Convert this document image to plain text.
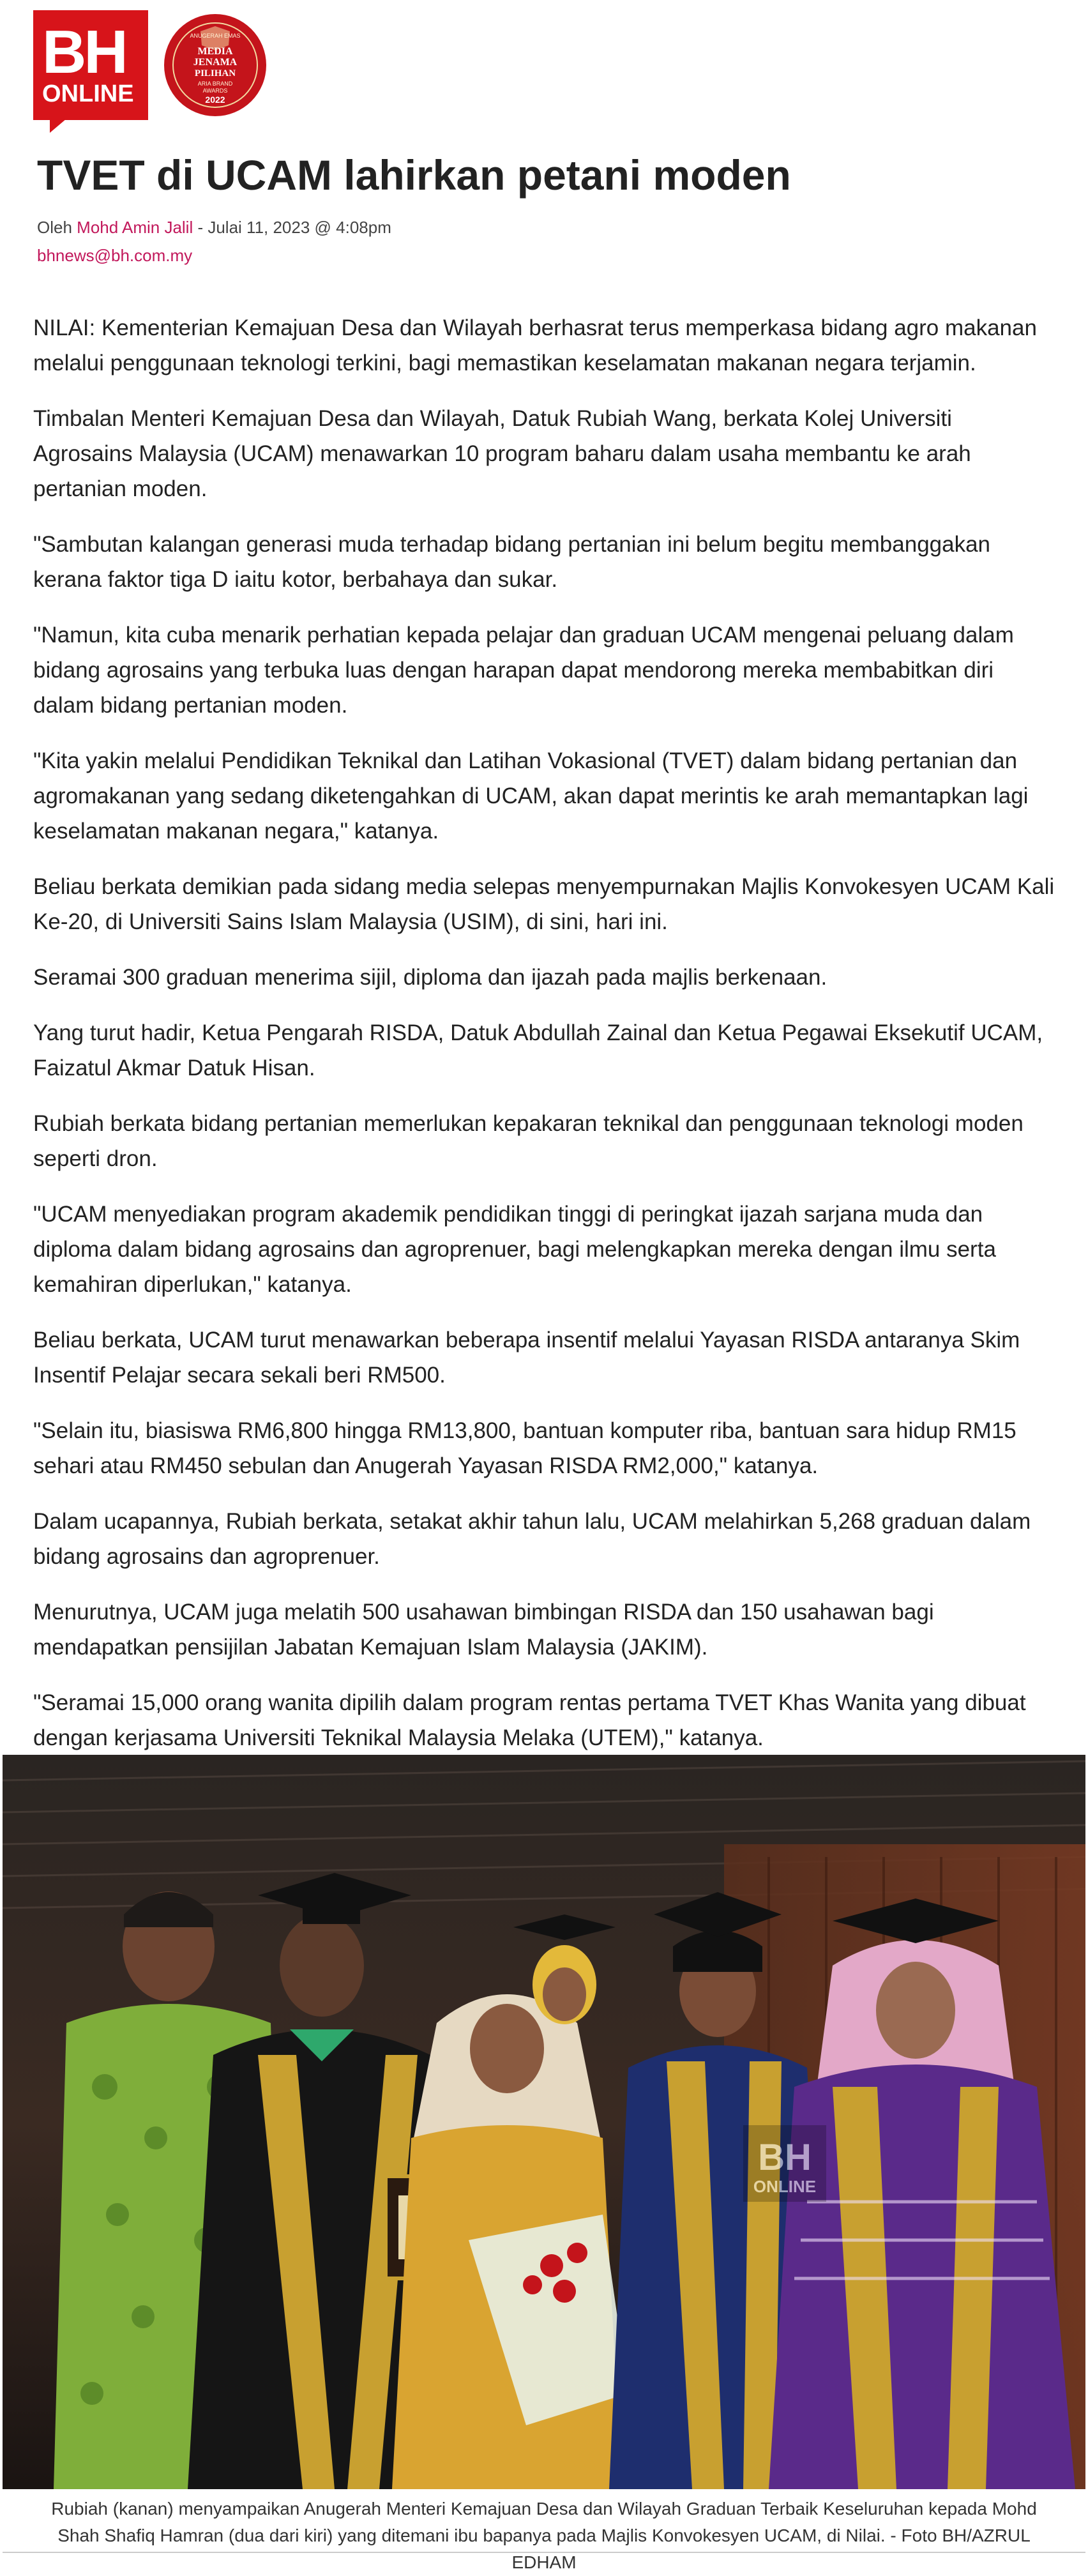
BH
ONLINE
ANUGERAH EMAS
MEDIA
JENAMA
PILIHAN
ARIA BRAND
AWARDS
2022
TVET di UCAM lahirkan petani moden
Oleh Mohd Amin Jalil - Julai 11, 2023 @ 4:08pm
bhnews@bh.com.my

NILAI: Kementerian Kemajuan Desa dan Wilayah berhasrat terus memperkasa bidang agro makanan melalui penggunaan teknologi terkini, bagi memastikan keselamatan makanan negara terjamin.

Timbalan Menteri Kemajuan Desa dan Wilayah, Datuk Rubiah Wang, berkata Kolej Universiti Agrosains Malaysia (UCAM) menawarkan 10 program baharu dalam usaha membantu ke arah pertanian moden.

"Sambutan kalangan generasi muda terhadap bidang pertanian ini belum begitu membanggakan kerana faktor tiga D iaitu kotor, berbahaya dan sukar.

"Namun, kita cuba menarik perhatian kepada pelajar dan graduan UCAM mengenai peluang dalam bidang agrosains yang terbuka luas dengan harapan dapat mendorong mereka membabitkan diri dalam bidang pertanian moden.

"Kita yakin melalui Pendidikan Teknikal dan Latihan Vokasional (TVET) dalam bidang pertanian dan agromakanan yang sedang diketengahkan di UCAM, akan dapat merintis ke arah memantapkan lagi keselamatan makanan negara," katanya.

Beliau berkata demikian pada sidang media selepas menyempurnakan Majlis Konvokesyen UCAM Kali Ke-20, di Universiti Sains Islam Malaysia (USIM), di sini, hari ini.

Seramai 300 graduan menerima sijil, diploma dan ijazah pada majlis berkenaan.

Yang turut hadir, Ketua Pengarah RISDA, Datuk Abdullah Zainal dan Ketua Pegawai Eksekutif UCAM, Faizatul Akmar Datuk Hisan.

Rubiah berkata bidang pertanian memerlukan kepakaran teknikal dan penggunaan teknologi moden seperti dron.

"UCAM menyediakan program akademik pendidikan tinggi di peringkat ijazah sarjana muda dan diploma dalam bidang agrosains dan agroprenuer, bagi melengkapkan mereka dengan ilmu serta kemahiran diperlukan," katanya.

Beliau berkata, UCAM turut menawarkan beberapa insentif melalui Yayasan RISDA antaranya Skim Insentif Pelajar secara sekali beri RM500.

"Selain itu, biasiswa RM6,800 hingga RM13,800, bantuan komputer riba, bantuan sara hidup RM15 sehari atau RM450 sebulan dan Anugerah Yayasan RISDA RM2,000," katanya.

Dalam ucapannya, Rubiah berkata, setakat akhir tahun lalu, UCAM melahirkan 5,268 graduan dalam bidang agrosains dan agroprenuer.

Menurutnya, UCAM juga melatih 500 usahawan bimbingan RISDA dan 150 usahawan bagi mendapatkan pensijilan Jabatan Kemajuan Islam Malaysia (JAKIM).

"Seramai 15,000 orang wanita dipilih dalam program rentas pertama TVET Khas Wanita yang dibuat dengan kerjasama Universiti Teknikal Malaysia Melaka (UTEM)," katanya.

BH
ONLINE
Rubiah (kanan) menyampaikan Anugerah Menteri Kemajuan Desa dan Wilayah Graduan Terbaik Keseluruhan kepada Mohd Shah Shafiq Hamran (dua dari kiri) yang ditemani ibu bapanya pada Majlis Konvokesyen UCAM, di Nilai. - Foto BH/AZRUL EDHAM
